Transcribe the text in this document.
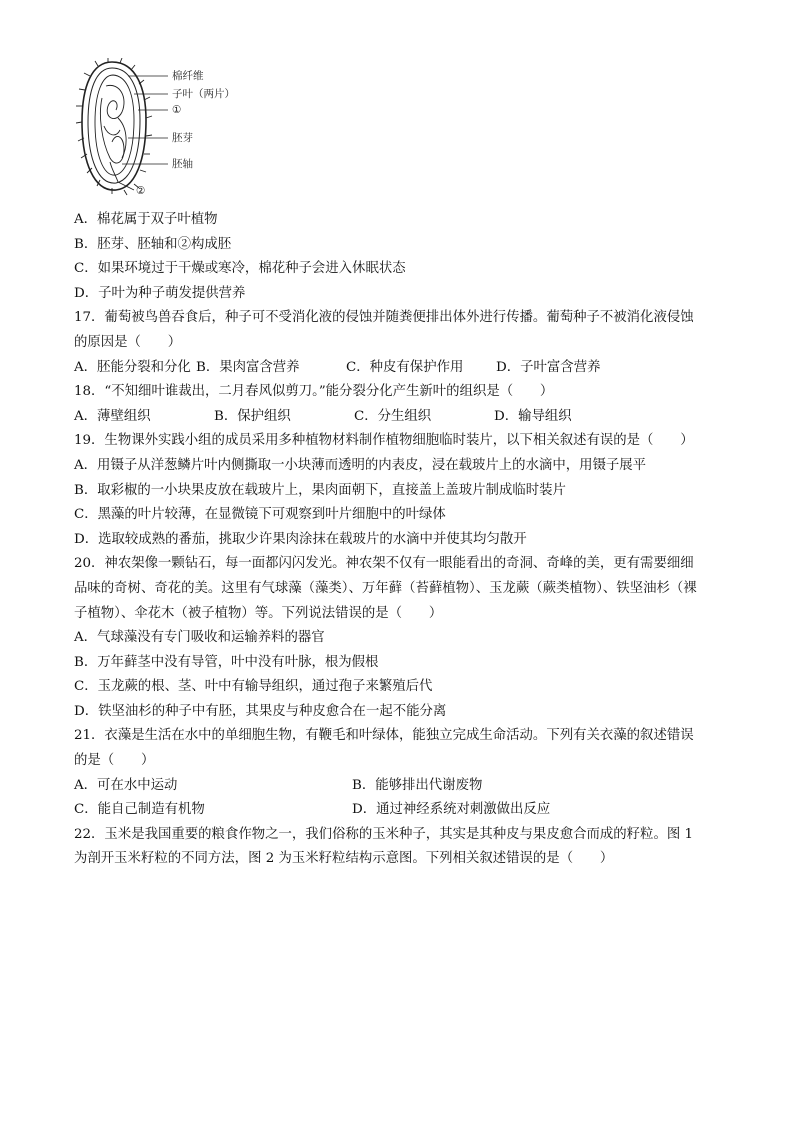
棉纤维
子叶（两片）
①
胚芽
胚轴
②
A．棉花属于双子叶植物
B．胚芽、胚轴和②构成胚
C．如果环境过于干燥或寒冷，棉花种子会进入休眠状态
D．子叶为种子萌发提供营养
17．葡萄被鸟兽吞食后，种子可不受消化液的侵蚀并随粪便排出体外进行传播。葡萄种子不被消化液侵蚀
的原因是（　　）
A．胚能分裂和分化 B．果肉富含营养	C．种皮有保护作用	D．子叶富含营养
18．“不知细叶谁裁出，二月春风似剪刀。”能分裂分化产生新叶的组织是（　　）
A．薄壁组织	B．保护组织	C．分生组织	D．输导组织
19．生物课外实践小组的成员采用多种植物材料制作植物细胞临时装片，以下相关叙述有误的是（　　）
A．用镊子从洋葱鳞片叶内侧撕取一小块薄而透明的内表皮，浸在载玻片上的水滴中，用镊子展平
B．取彩椒的一小块果皮放在载玻片上，果肉面朝下，直接盖上盖玻片制成临时装片
C．黑藻的叶片较薄，在显微镜下可观察到叶片细胞中的叶绿体
D．选取较成熟的番茄，挑取少许果肉涂抹在载玻片的水滴中并使其均匀散开
20．神农架像一颗钻石，每一面都闪闪发光。神农架不仅有一眼能看出的奇洞、奇峰的美，更有需要细细
品味的奇树、奇花的美。这里有气球藻（藻类）、万年藓（苔藓植物）、玉龙蕨（蕨类植物）、铁坚油杉（裸
子植物）、伞花木（被子植物）等。下列说法错误的是（　　）
A．气球藻没有专门吸收和运输养料的器官
B．万年藓茎中没有导管，叶中没有叶脉，根为假根
C．玉龙蕨的根、茎、叶中有输导组织，通过孢子来繁殖后代
D．铁坚油杉的种子中有胚，其果皮与种皮愈合在一起不能分离
21．衣藻是生活在水中的单细胞生物，有鞭毛和叶绿体，能独立完成生命活动。下列有关衣藻的叙述错误
的是（　　）
A．可在水中运动	B．能够排出代谢废物
C．能自己制造有机物	D．通过神经系统对刺激做出反应
22．玉米是我国重要的粮食作物之一，我们俗称的玉米种子，其实是其种皮与果皮愈合而成的籽粒。图 1
为剖开玉米籽粒的不同方法，图 2 为玉米籽粒结构示意图。下列相关叙述错误的是（　　）
